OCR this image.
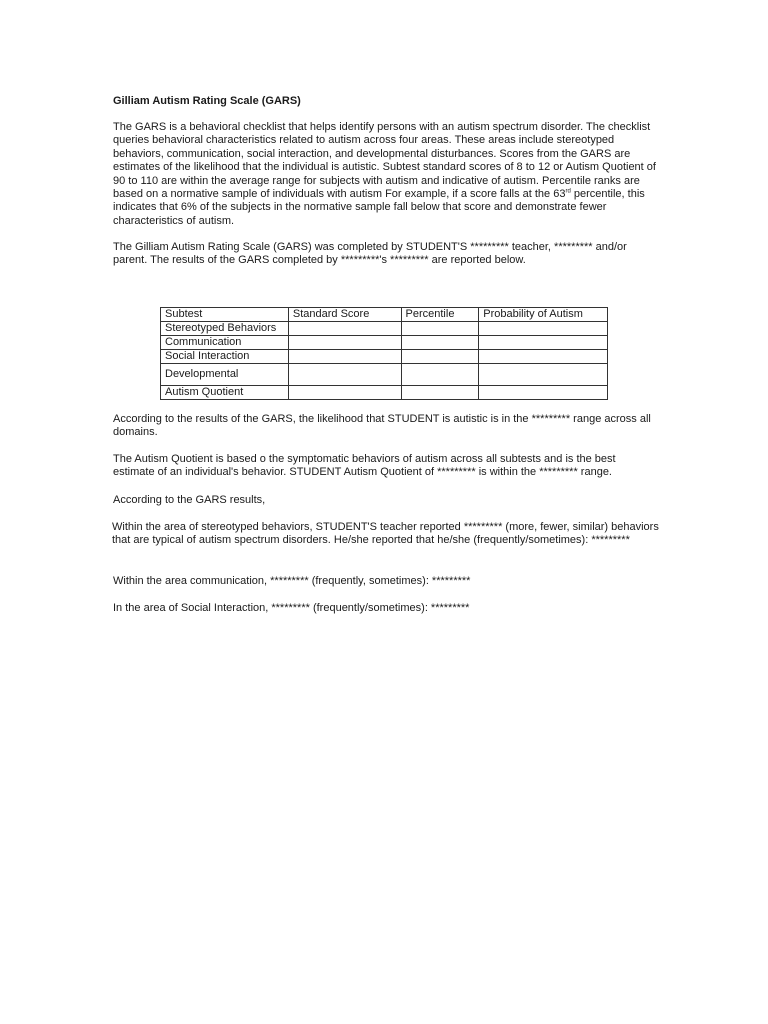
Gilliam Autism Rating Scale (GARS)

The GARS is a behavioral checklist that helps identify persons with an autism spectrum disorder. The checklist queries behavioral characteristics related to autism across four areas. These areas include stereotyped behaviors, communication, social interaction, and developmental disturbances. Scores from the GARS are estimates of the likelihood that the individual is autistic. Subtest standard scores of 8 to 12 or Autism Quotient of 90 to 110 are within the average range for subjects with autism and indicative of autism. Percentile ranks are based on a normative sample of individuals with autism For example, if a score falls at the 63rd percentile, this indicates that 6% of the subjects in the normative sample fall below that score and demonstrate fewer characteristics of autism.

The Gilliam Autism Rating Scale (GARS) was completed by STUDENT'S ********* teacher, ********* and/or parent. The results of the GARS completed by *********'s ********* are reported below.

Subtest	Standard Score	Percentile	Probability of Autism
Stereotyped Behaviors			
Communication			
Social Interaction			
Developmental			
Autism Quotient			

According to the results of the GARS, the likelihood that STUDENT is autistic is in the ********* range across all domains.

The Autism Quotient is based o the symptomatic behaviors of autism across all subtests and is the best estimate of an individual's behavior. STUDENT Autism Quotient of ********* is within the ********* range.

According to the GARS results,

Within the area of stereotyped behaviors, STUDENT'S teacher reported ********* (more, fewer, similar) behaviors that are typical of autism spectrum disorders. He/she reported that he/she (frequently/sometimes): *********

Within the area communication, ********* (frequently, sometimes): *********

In the area of Social Interaction, ********* (frequently/sometimes): *********
